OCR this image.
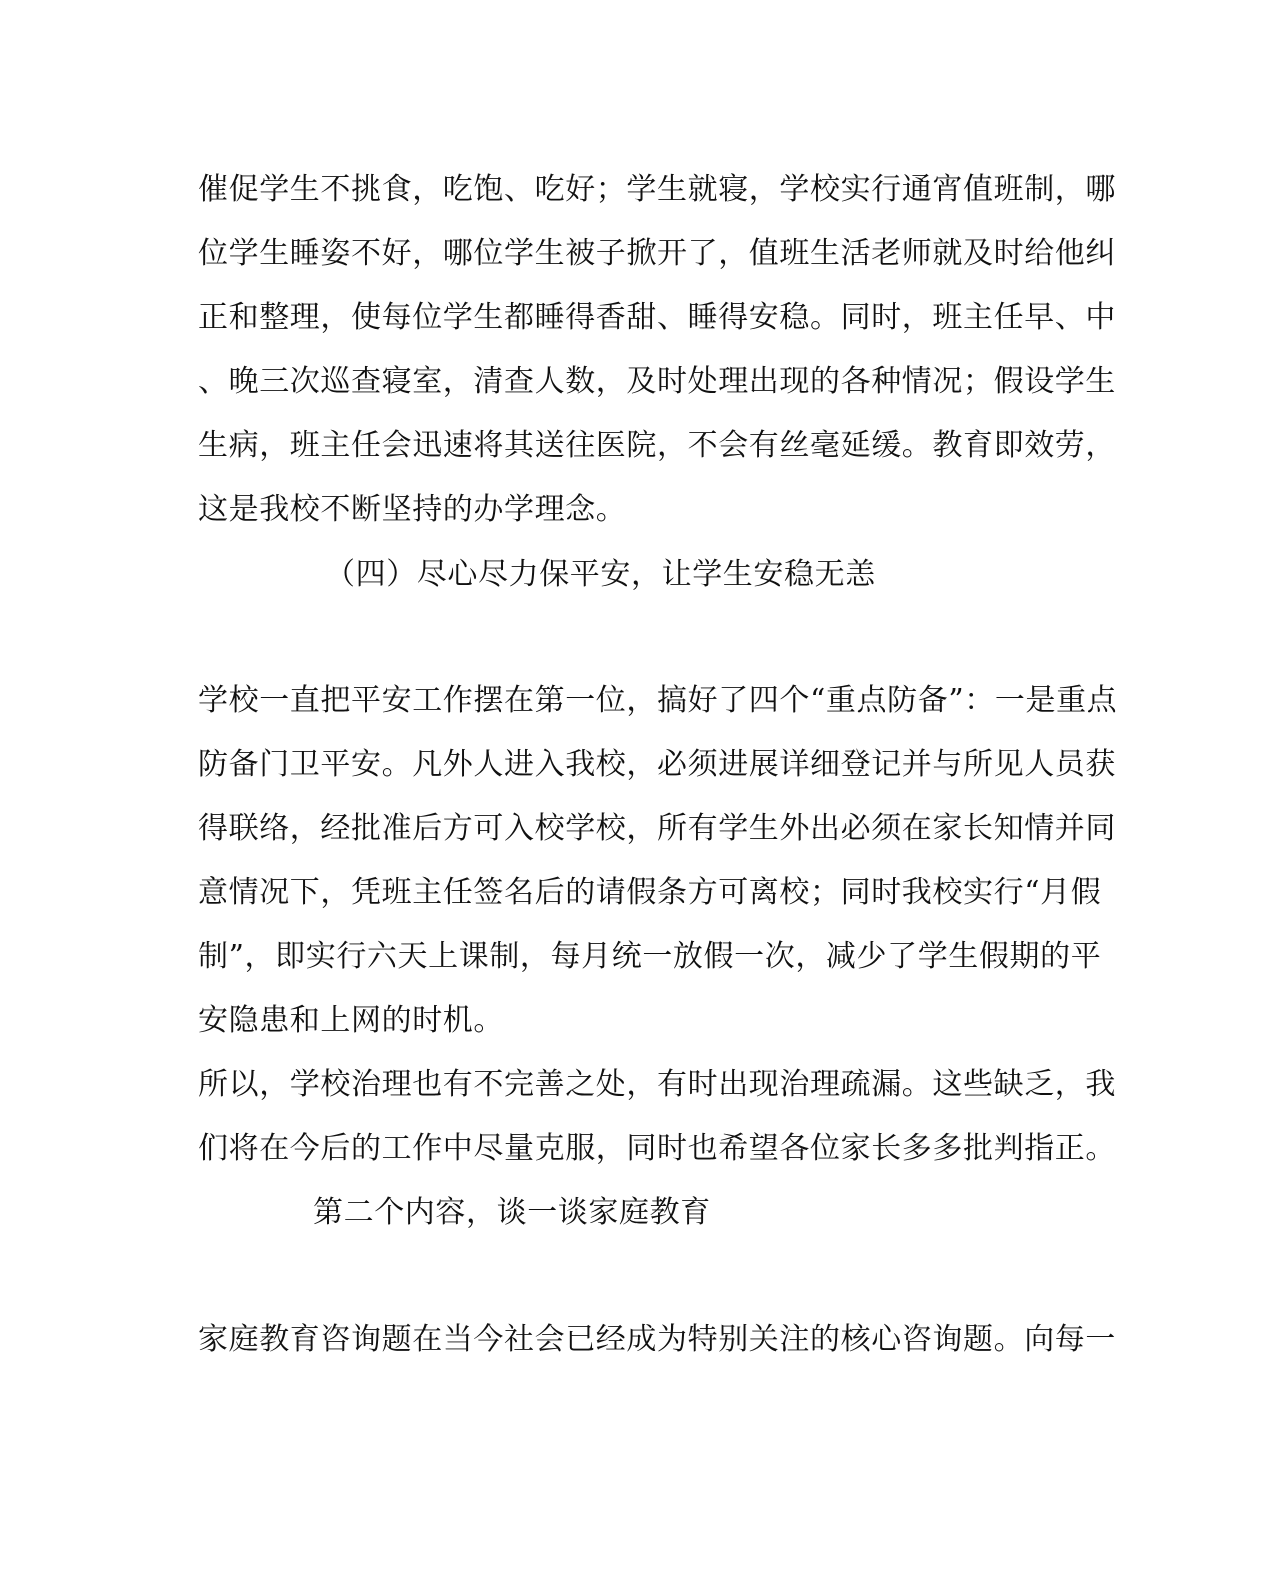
催促学生不挑食，吃饱、吃好；学生就寝，学校实行通宵值班制，哪
位学生睡姿不好，哪位学生被子掀开了，值班生活老师就及时给他纠
正和整理，使每位学生都睡得香甜、睡得安稳。同时，班主任早、中
、晚三次巡查寝室，清查人数，及时处理出现的各种情况；假设学生
生病，班主任会迅速将其送往医院，不会有丝毫延缓。教育即效劳，
这是我校不断坚持的办学理念。
（四）尽心尽力保平安，让学生安稳无恙
学校一直把平安工作摆在第一位，搞好了四个“重点防备”：一是重点
防备门卫平安。凡外人进入我校，必须进展详细登记并与所见人员获
得联络，经批准后方可入校学校，所有学生外出必须在家长知情并同
意情况下，凭班主任签名后的请假条方可离校；同时我校实行“月假
制”，即实行六天上课制，每月统一放假一次，减少了学生假期的平
安隐患和上网的时机。
所以，学校治理也有不完善之处，有时出现治理疏漏。这些缺乏，我
们将在今后的工作中尽量克服，同时也希望各位家长多多批判指正。
第二个内容，谈一谈家庭教育
家庭教育咨询题在当今社会已经成为特别关注的核心咨询题。向每一
